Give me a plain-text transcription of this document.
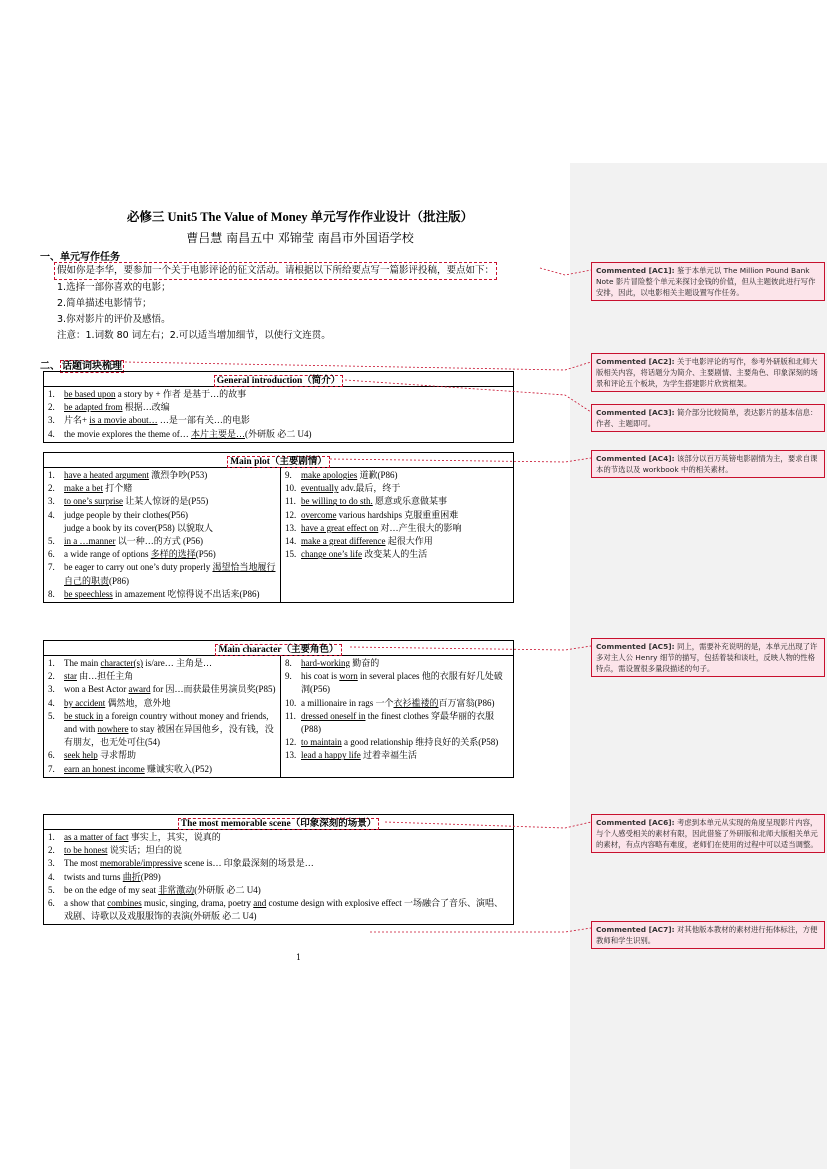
必修三 Unit5 The Value of Money 单元写作作业设计（批注版）
曹吕慧 南昌五中 邓锦莹 南昌市外国语学校
一、单元写作任务
假如你是李华，要参加一个关于电影评论的征文活动。请根据以下所给要点写一篇影评投稿，要点如下：
1.选择一部你喜欢的电影；
2.简单描述电影情节；
3.你对影片的评价及感悟。
注意：1.词数 80 词左右；2.可以适当增加细节，以使行文连贯。
二、 话题词块梳理
General introduction（简介）

1.	be based upon a story by + 作者 是基于…的故事
2.	be adapted from 根据…改编
3.	片名+ is a movie about… …是一部有关…的电影
4.	the movie explores the theme of… 本片主要是…(外研版 必二 U4)
Main plot（主要剧情）

1.	have a heated argument 激烈争吵(P53)
2.	make a bet 打个赌
3.	to one’s surprise 让某人惊讶的是(P55)
4.	judge people by their clothes(P56)
judge a book by its cover(P58) 以貌取人
5.	in a …manner 以一种…的方式 (P56)
6.	a wide range of options 多样的选择(P56)
7.	be eager to carry out one’s duty properly 渴望恰当地履行自己的职责(P86)
8.	be speechless in amazement 吃惊得说不出话来(P86)

9.	make apologies 道歉(P86)
10. eventually adv.最后，终于
11. be willing to do sth. 愿意或乐意做某事
12. overcome various hardships 克服重重困难
13. have a great effect on 对…产生很大的影响
14. make a great difference 起很大作用
15. change one’s life 改变某人的生活
Main character（主要角色）

1.	The main character(s) is/are… 主角是…
2.	star 由…担任主角
3.	won a Best Actor award for 因…而获最佳男演员奖(P85)
4.	by accident 偶然地，意外地
5.	be stuck in a foreign country without money and friends, and with nowhere to stay 被困在异国他乡，没有钱，没有朋友，也无处可住(54)
6.	seek help 寻求帮助
7.	earn an honest income 赚诚实收入(P52)

8.	hard-working 勤奋的
9.	his coat is worn in several places 他的衣服有好几处破洞(P56)
10. a millionaire in rags 一个衣衫褴褛的百万富翁(P86)
11. dressed oneself in the finest clothes 穿最华丽的衣服(P88)
12. to maintain a good relationship 维持良好的关系(P58)
13. lead a happy life 过着幸福生活
The most memorable scene（印象深刻的场景）

1.	as a matter of fact 事实上，其实，说真的
2.	to be honest 说实话；坦白的说
3.	The most memorable/impressive scene is… 印象最深刻的场景是…
4.	twists and turns 曲折(P89)
5.	be on the edge of my seat 非常激动(外研版 必二 U4)
6.	a show that combines music, singing, drama, poetry and costume design with explosive effect 一场融合了音乐、演唱、戏剧、诗歌以及戏服服饰的表演(外研版 必二 U4)
1
Commented [AC1]: 鉴于本单元以 The Million Pound Bank Note 影片冒险整个单元来探讨金钱的价值，但从主题彼此进行写作安排，因此，以电影相关主题设置写作任务。
Commented [AC2]: 关于电影评论的写作，参考外研版和北师大版相关内容，将话题分为简介、主要剧情、主要角色、印象深刻的场景和评论五个板块，为学生搭建影片欣赏框架。
Commented [AC3]: 简介部分比较简单，表达影片的基本信息：作者、主题即可。
Commented [AC4]: 该部分以百万英镑电影剧情为主，要求自课本的节选以及 workbook 中的相关素材。
Commented [AC5]: 同上，需要补充说明的是，本单元出现了许多对主人公 Henry 细节的描写，包括着装和谈吐，反映人物的性格特点，需设置很多量段描述的句子。
Commented [AC6]: 考虑到本单元从实现的角度呈现影片内容，与个人感受相关的素材有限，因此借鉴了外研版和北师大版相关单元的素材，有点内容略有难度，老师们在使用的过程中可以适当调整。
Commented [AC7]: 对其他版本教材的素材进行拓体标注，方便教师和学生识别。
